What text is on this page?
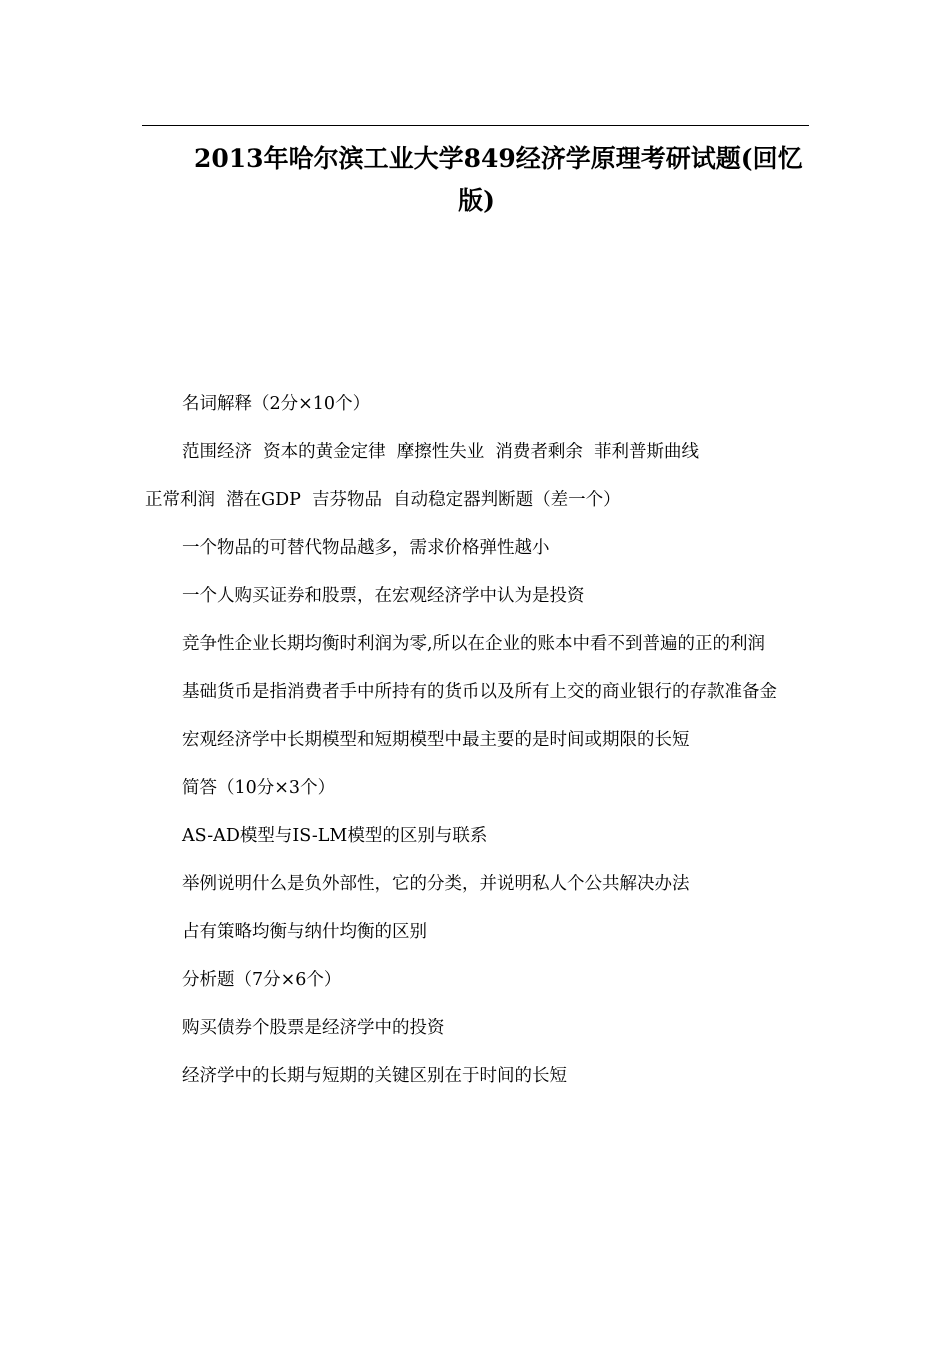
2013年哈尔滨工业大学849经济学原理考研试题(回忆
版)

名词解释（2分×10个）

范围经济  资本的黄金定律  摩擦性失业  消费者剩余  菲利普斯曲线

正常利润  潜在GDP  吉芬物品  自动稳定器判断题（差一个）

一个物品的可替代物品越多，需求价格弹性越小

一个人购买证券和股票，在宏观经济学中认为是投资

竞争性企业长期均衡时利润为零,所以在企业的账本中看不到普遍的正的利润

基础货币是指消费者手中所持有的货币以及所有上交的商业银行的存款准备金

宏观经济学中长期模型和短期模型中最主要的是时间或期限的长短

简答（10分×3个）

AS-AD模型与IS-LM模型的区别与联系

举例说明什么是负外部性，它的分类，并说明私人个公共解决办法

占有策略均衡与纳什均衡的区别

分析题（7分×6个）

购买债券个股票是经济学中的投资

经济学中的长期与短期的关键区别在于时间的长短
